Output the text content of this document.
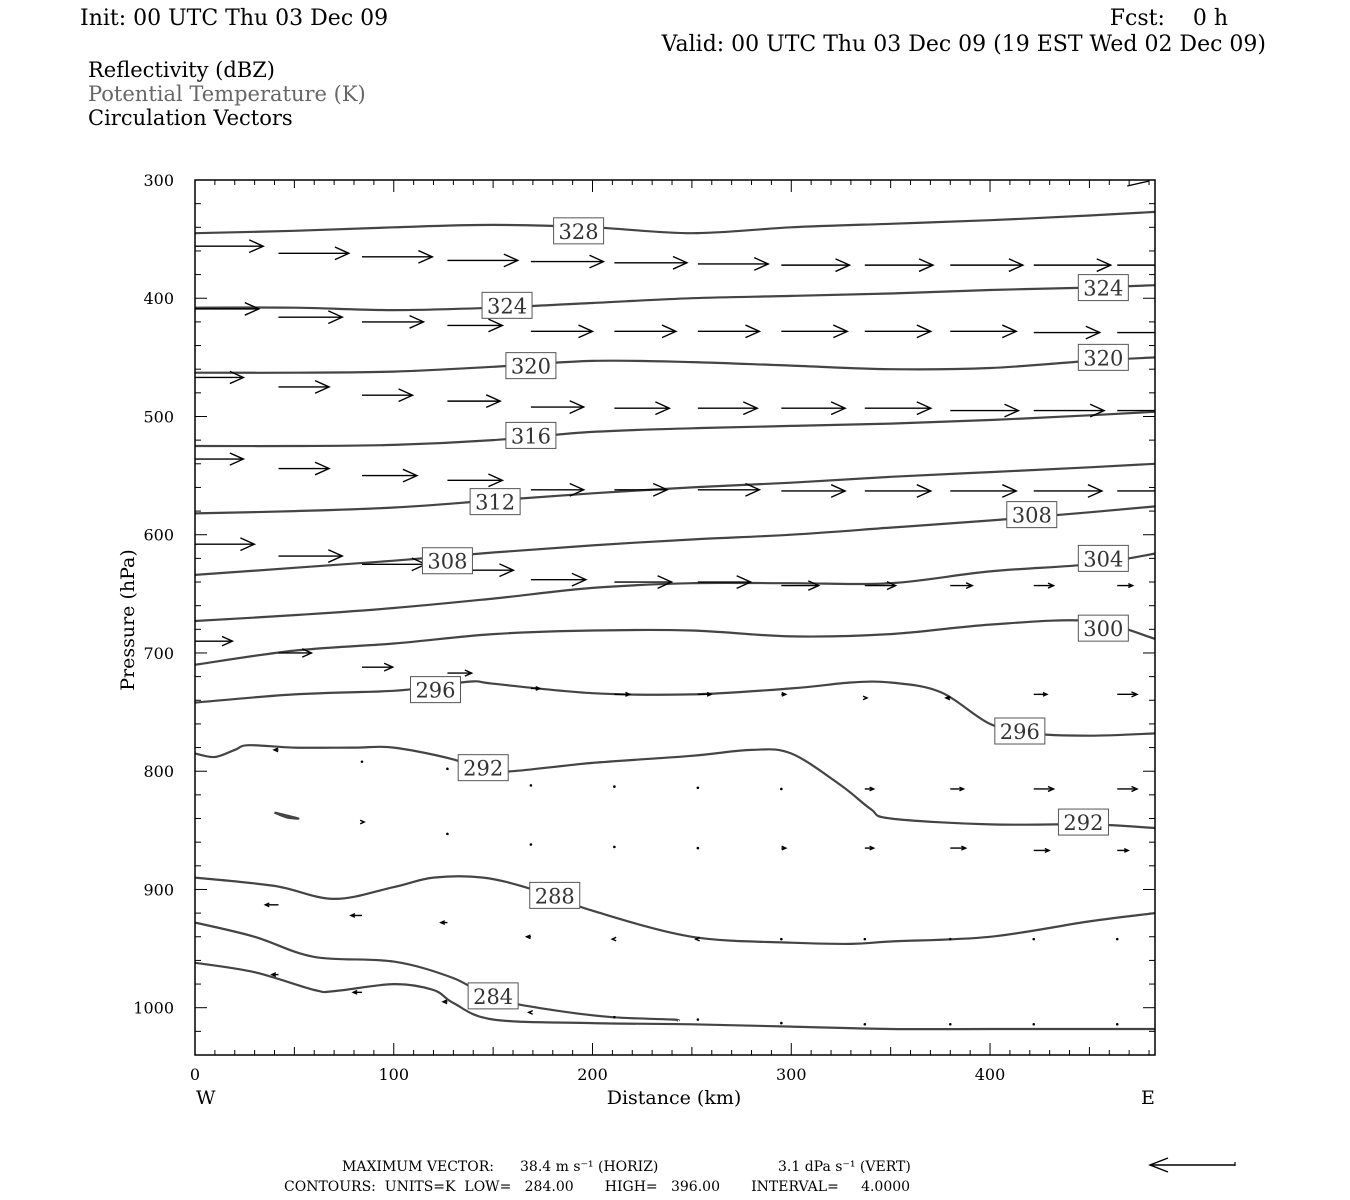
Init: 00 UTC Thu 03 Dec 09	Fcst:    0 h
Valid: 00 UTC Thu 03 Dec 09 (19 EST Wed 02 Dec 09)
Reflectivity (dBZ)
Potential Temperature (K)
Circulation Vectors
328
324
324
320	320
316
312
308
308
304
300
296
296
292
292
288
284
0	100	200	300	400
300
400
500
600
700
800
900
1000
Distance (km)
Pressure (hPa)
W	E
MAXIMUM VECTOR: 38.4 m s⁻¹ (HORIZ)	3.1 dPa s⁻¹ (VERT)
CONTOURS:  UNITS=K  LOW=   284.00       HIGH=   396.00       INTERVAL=     4.0000
